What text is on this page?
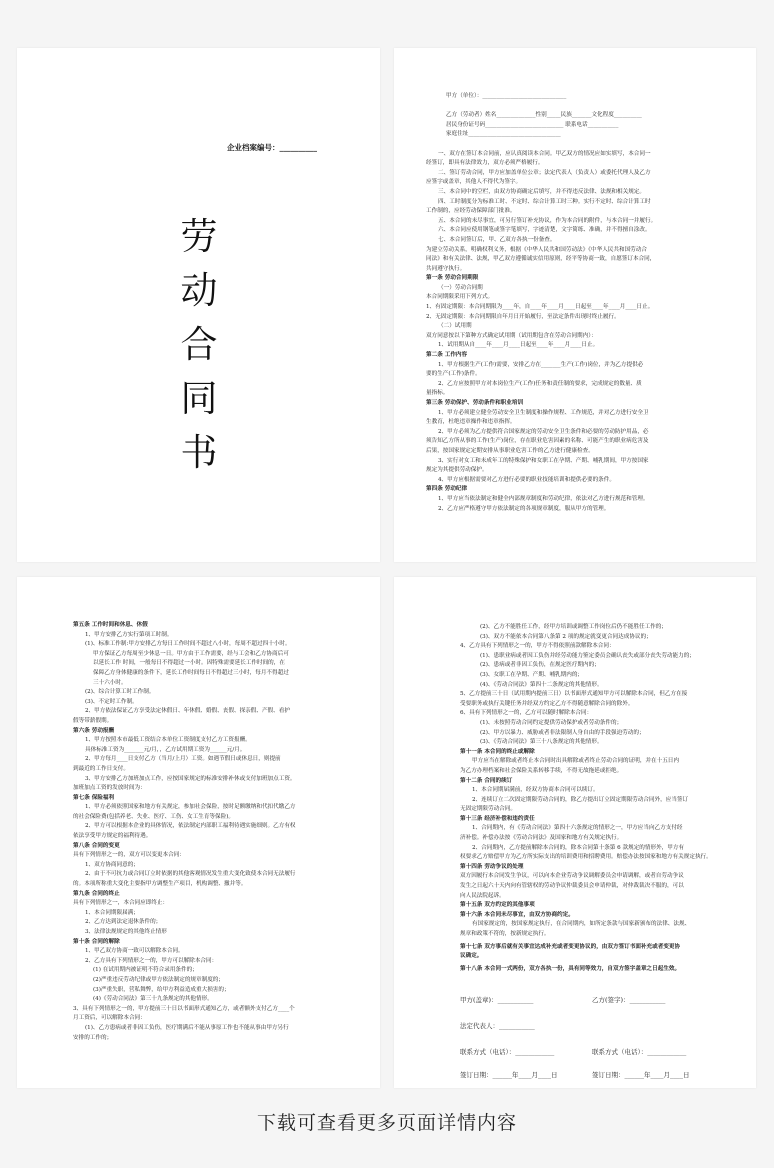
企业档案编号：__________
劳
动
合
同
书

甲方（单位）：______________________________

乙方（劳动者）姓名______________性别_____民族_______文化程度__________

居民身份证号码____________________________ 联系电话___________

家庭住址_________________________________

一、双方在签订本合同前，应认真阅读本合同。甲乙双方的情况应如实填写，本合同一

经签订，即具有法律效力，双方必须严格履行。

二、签订劳动合同，甲方应加盖单位公章；法定代表人（负责人）或委托代理人及乙方

应签字或盖章，其他人不得代为签字。

三、本合同中的空栏，由双方协商确定后填写，并不得违反法律、法规和相关规定。

四、工时制度分为标准工时、不定时、综合计算工时三种。实行不定时、综合计算工时

工作制的，应经劳动保障部门批准。

五、本合同的未尽事宜，可另行签订补充协议，作为本合同的附件，与本合同一并履行。

六、本合同应使用钢笔或签字笔填写，字迹清楚，文字简练、准确，并不得擅自涂改。

七、本合同签订后，甲、乙双方各执一份备查。

为建立劳动关系，明确权利义务，根据《中华人民共和国劳动法》《中华人民共和国劳动合

同法》和有关法律、法规，甲乙双方遵循诚实信用原则，经平等协商一致，自愿签订本合同，

共同遵守执行。

第一条 劳动合同期限

（一）劳动合同期

本合同期限采用下列方式。

1、有固定期限：本合同期限为____年，自____年____月____日起至____年____月____日止。

2、无固定期限：本合同期限自年月日开始履行，至法定条件出现时终止履行。

（二）试用期

双方同意按以下第种方式确定试用期（试用期包含在劳动合同期内）：

1、试用期从自____年____月____日起至____年____月____日止。

第二条 工作内容

1、甲方根据生产(工作)需要，安排乙方在_______生产(工作)岗位，并为乙方提供必

要的生产(工作)条件。

2、乙方应按照甲方对本岗位生产(工作)任务和责任制的要求，完成规定的数量、质

量指标。

第三条 劳动保护、劳动条件和职业培训

1、甲方必须建立健全劳动安全卫生制度和操作规程、工作规范，并对乙方进行安全卫

生教育，杜绝违章操作和违章指挥。

2、甲方必须为乙方提供符合国家规定的劳动安全卫生条件和必要的劳动防护用品，必

须告知乙方所从事的工作(生产)岗位，存在职业危害因素的名称、可能产生的职业病危害及

后果，按国家规定定期安排从事职业危害工作的乙方进行健康检查。

3、实行对女工和未成年工的特殊保护和女职工在孕期、产期、哺乳期间，甲方按国家

规定为其提供劳动保护。

4、甲方应根据需要对乙方进行必要的职业技能培训和提供必要的条件。

第四条 劳动纪律

1、甲方应当依法制定和健全内部规章制度和劳动纪律，依法对乙方进行规范和管理。

2、乙方应严格遵守甲方依法制定的各项规章制度，服从甲方的管理。

第五条 工作时间和休息、休假

1、甲方安排乙方实行第项工时制。

(1)、标准工作制:甲方安排乙方每日工作时间不超过八小时，每周不超过四十小时。

甲方保证乙方每周至少休息一日。甲方由于工作需要，经与工会和乙方协商后可

以延长工作 时间，一般每日不得超过一小时。因特殊需要延长工作时间的，在

保障乙方身体健康的条件下，延长工作时间每日不得超过三小时，每月不得超过

三十六小时。

(2)、综合计算工时工作制。

(3)、不定时工作制。

2、甲方依法保证乙方享受法定休假日、年休假、婚假、丧假、探亲假、产假、看护

假等带薪假期。

第六条 劳动报酬

1、甲方按照本市最低工资结合本单位工资制度支付乙方工资报酬。

具体标准工资为_______元/月，，乙方试用期工资为______元/月。

2、甲方每月____日支付乙方（当月/上月）工资。如遇节假日或休息日，则提前

到最近的工作日支付。

3、甲方安排乙方加班加点工作，应按国家规定的标准安排补休或支付加班加点工资。

加班加点工资的发放时间为：

第七条 保险福利

1、甲方必须依照国家和地方有关规定，参加社会保险，按时足额缴纳和代扣代缴乙方

的社会保险费(包括养老、失业、医疗、工伤、女工生育等保险)。

2、甲方可以根据本企业的具体情况，依法制定内部职工福利待遇实施细则。乙方有权

依法享受甲方规定的福利待遇。

第八条 合同的变更

具有下列情形之一的，双方可以变更本合同：

1、双方协商同意的；

2、由于不可抗力或合同订立时依据的其他客观情况发生重大变化致使本合同无法履行

的。本项所称重大变化主要指甲方调整生产项目，机构调整、撤并等。

第九条 合同的终止

具有下列情形之一，本合同应即终止：

1、本合同期限届满；

2、乙方达到法定退休条件的；

3、法律法规规定的其他终止情形

第十条 合同的解除

1、甲乙双方协商一致可以解除本合同。

2、乙方具有下列情形之一的，甲方可以解除本合同：

(1) 在试用期内被证明不符合录用条件的；

(2)严重违反劳动纪律或甲方依法制定的规章制度的；

(3)严重失职，营私舞弊，给甲方利益造成重大损害的；

(4)《劳动合同法》第三十九条规定的其他情形。

3、具有下列情形之一的，甲方提前三十日以书面形式通知乙方，或者额外支付乙方____个

月工资后，可以解除本合同：

(1)、乙方患病或者非因工负伤，医疗期满后不能从事原工作也不能从事由甲方另行

安排的工作的；

(2)、乙方不能胜任工作，经甲方培训或调整工作岗位后仍不能胜任工作的；

(3)、双方不能依本合同第八条第 2 项的规定就变更合同达成协议的；

4、乙方具有下列情形之一的，甲方不得依照前款解除本合同：

(1)、患职业病或者因工负伤并经劳动能力鉴定委员会确认丧失或部分丧失劳动能力的；

(2)、患病或者非因工负伤，在规定医疗期内的；

(3)、女职工在孕期、产期、哺乳期内的；

(4)、《劳动合同法》第四十二条规定的其他情形。

5、乙方提前三十日（试用期内提前三日）以书面形式通知甲方可以解除本合同，但乙方在接

受要职务或执行关键任务并经双方约定乙方不得随意解除合同的除外。

6、具有下列情形之一的，乙方可以随时解除本合同：

(1)、未按照劳动合同约定提供劳动保护或者劳动条件的；

(2)、甲方以暴力、威胁或者非法限制人身自由的手段强迫劳动的；

(3)、《劳动合同法》第三十八条规定的其他情形。

第十一条 本合同的终止或解除

甲方应当在解除或者终止本合同时出具解除或者终止劳动合同的证明，并在十五日内

为乙方办理档案和社会保险关系转移手续，不得无故拖延或拒绝。

第十二条 合同的续订

1、本合同期届满前，经双方协商本合同可以续订。

2、连续订立二次固定期限劳动合同的，除乙方提出订立固定期限劳动合同外，应当签订

无固定期限劳动合同。

第十三条 经济补偿和违约责任

1、合同期内，有《劳动合同法》第四十六条规定的情形之一，甲方应当向乙方支付经

济补偿。补偿办法按《劳动合同法》及国家和地方有关规定执行。

2、合同期内，乙方提前解除本合同的，除本合同第十条第 6 款规定的情形外，甲方有

权要求乙方赔偿甲方为乙方所实际支出的培训费用和招聘费用。赔偿办法按国家和地方有关规定执行。

第十四条 劳动争议的处理

双方因履行本合同发生争议，可以向本企业劳动争议调解委员会申请调解，或者自劳动争议

发生之日起六十天内向有管辖权的劳动争议仲裁委员会申请仲裁，对仲裁裁决不服的，可以

向人民法院起诉。

第十五条 双方约定的其他事项

第十六条 本合同未尽事宜，由双方协商约定。

有国家规定的，按国家规定执行，在合同期内，如所定条款与国家新颁布的法律、法规、

规章和政策不符的，按新规定执行。

第十七条 双方事后就有关事宜达成补充或者变更协议的，由双方签订书面补充或者变更协

议确定。

第十八条 本合同一式两份，双方各执一份，具有同等效力，自双方签字盖章之日起生效。

甲方(盖章)：___________	乙方(签字)：___________
法定代表人：___________
联系方式（电话）：____________	联系方式（电话）：____________
签订日期：______年____月____日	签订日期：______年____月____日
下载可查看更多页面详情内容
